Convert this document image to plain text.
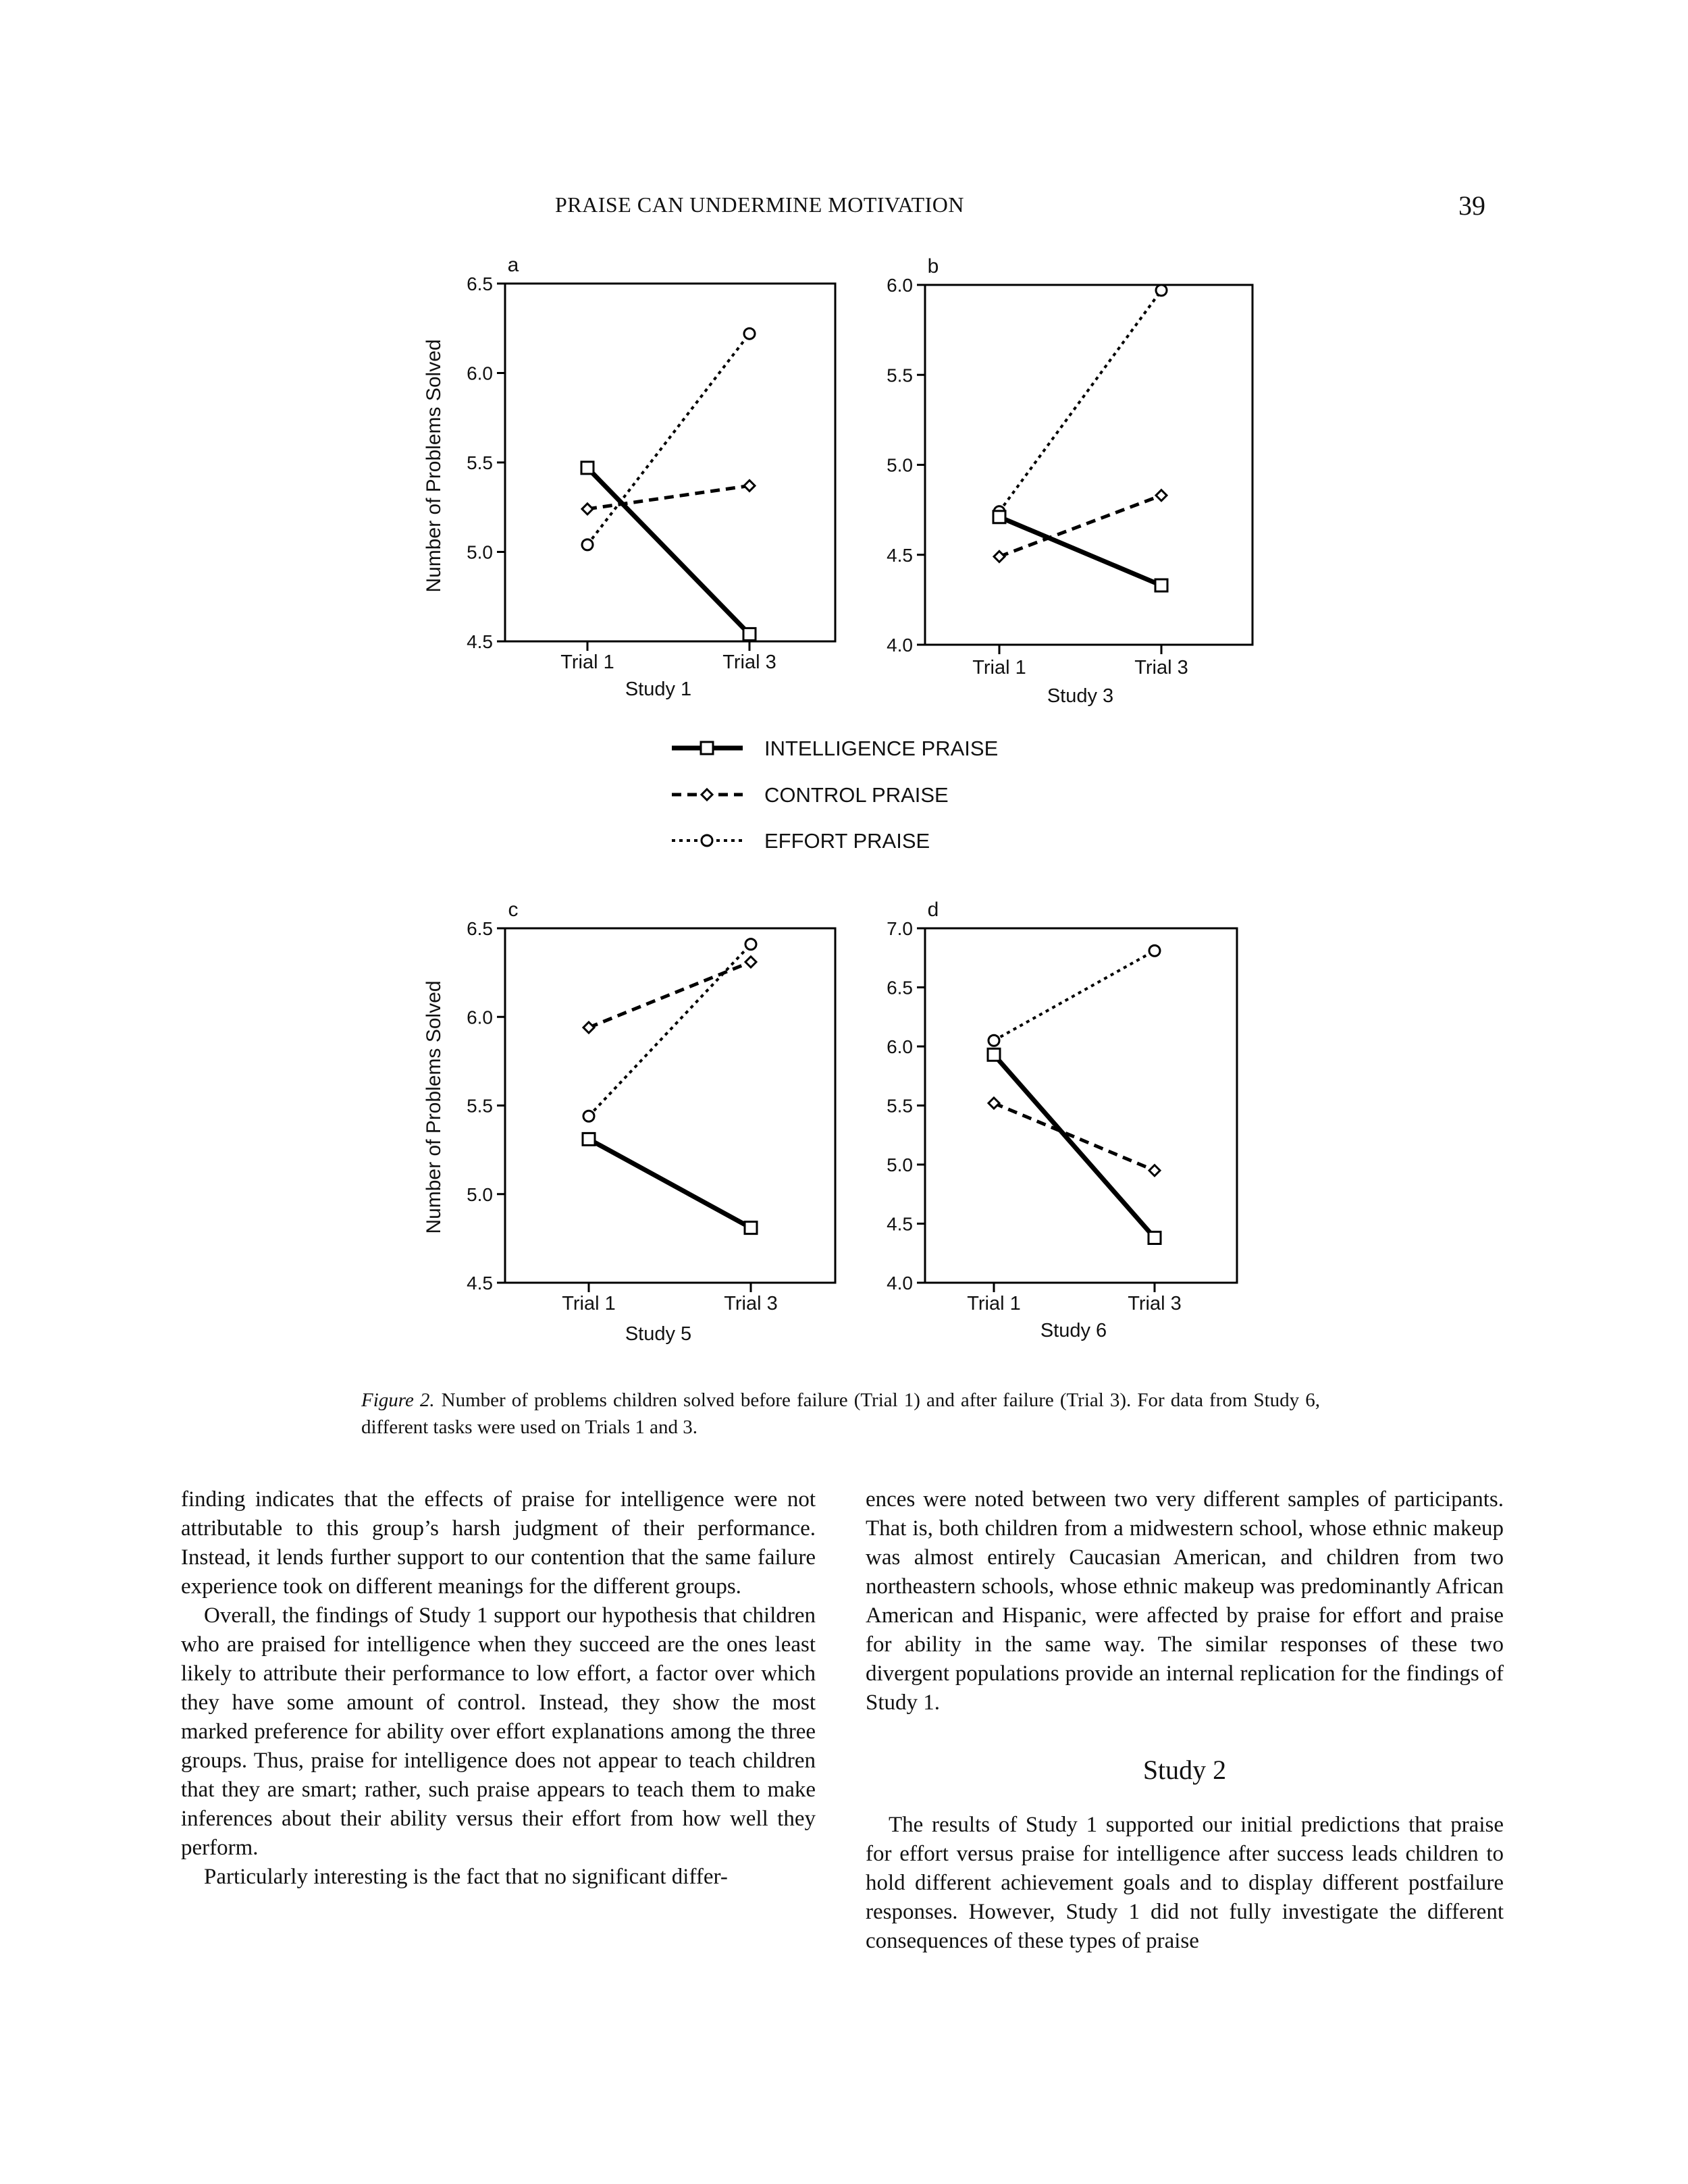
PRAISE CAN UNDERMINE MOTIVATION	39
4.5
5.0
5.5
6.0
6.5
Trial 1	Trial 3
Study 1
a
Number of Problems Solved
4.0
4.5
5.0
5.5
6.0
Trial 1	Trial 3
Study 3
b
4.5
5.0
5.5
6.0
6.5
Trial 1	Trial 3
Study 5
c
Number of Problems Solved
4.0
4.5
5.0
5.5
6.0
6.5
7.0
Trial 1	Trial 3
Study 6
d
INTELLIGENCE PRAISE
CONTROL PRAISE
EFFORT PRAISE
Figure 2. Number of problems children solved before failure (Trial 1) and after failure (Trial 3). For data from Study 6, different tasks were used on Trials 1 and 3.

finding indicates that the effects of praise for intelligence were not attributable to this group’s harsh judgment of their performance. Instead, it lends further support to our contention that the same failure experience took on different meanings for the different groups.

Overall, the findings of Study 1 support our hypothesis that children who are praised for intelligence when they succeed are the ones least likely to attribute their performance to low effort, a factor over which they have some amount of control. Instead, they show the most marked preference for ability over effort explanations among the three groups. Thus, praise for intelligence does not appear to teach children that they are smart; rather, such praise appears to teach them to make inferences about their ability versus their effort from how well they perform.

Particularly interesting is the fact that no significant differ-

ences were noted between two very different samples of participants. That is, both children from a midwestern school, whose ethnic makeup was almost entirely Caucasian American, and children from two northeastern schools, whose ethnic makeup was predominantly African American and Hispanic, were affected by praise for effort and praise for ability in the same way. The similar responses of these two divergent populations provide an internal replication for the findings of Study 1.

Study 2

The results of Study 1 supported our initial predictions that praise for effort versus praise for intelligence after success leads children to hold different achievement goals and to display different postfailure responses. However, Study 1 did not fully investigate the different consequences of these types of praise
